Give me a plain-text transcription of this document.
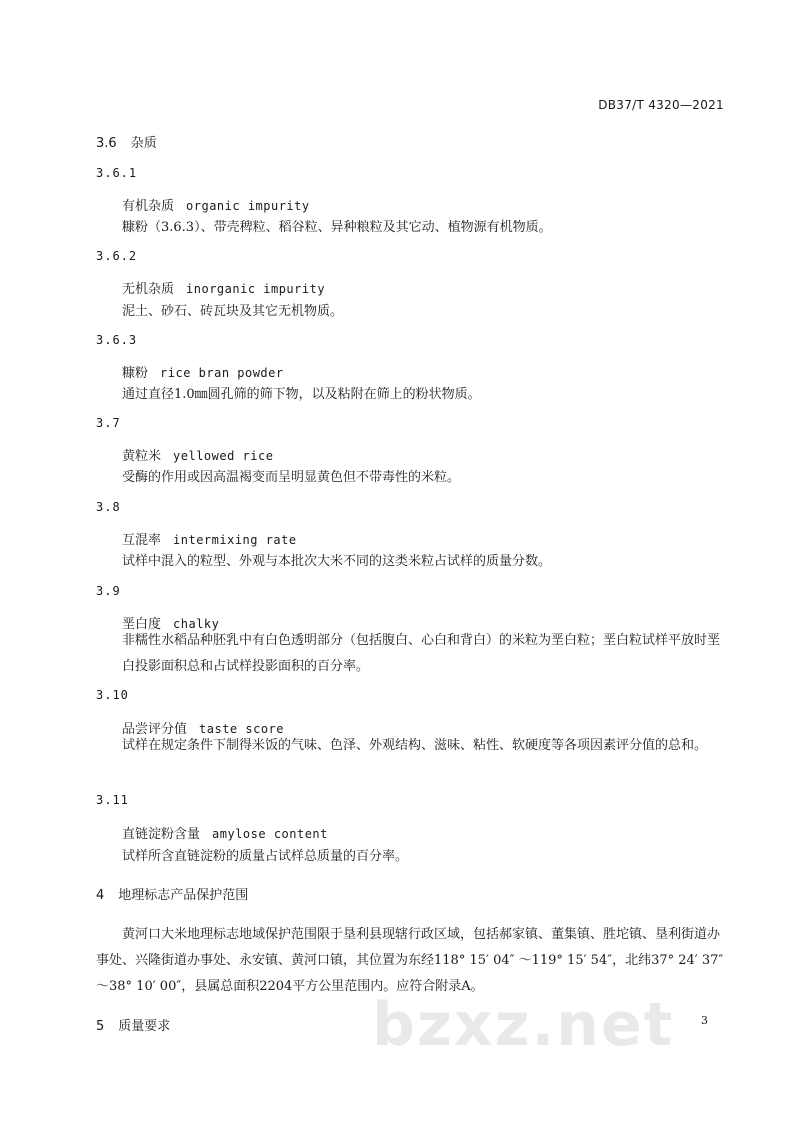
DB37/T 4320—2021
3.6 杂质
3.6.1
有机杂质 organic impurity
糠粉（3.6.3）、带壳稗粒、稻谷粒、异种粮粒及其它动、植物源有机物质。
3.6.2
无机杂质 inorganic impurity
泥土、砂石、砖瓦块及其它无机物质。
3.6.3
糠粉 rice bran powder
通过直径1.0㎜圆孔筛的筛下物，以及粘附在筛上的粉状物质。
3.7
黄粒米 yellowed rice
受酶的作用或因高温褐变而呈明显黄色但不带毒性的米粒。
3.8
互混率 intermixing rate
试样中混入的粒型、外观与本批次大米不同的这类米粒占试样的质量分数。
3.9
垩白度 chalky
非糯性水稻品种胚乳中有白色透明部分（包括腹白、心白和背白）的米粒为垩白粒；垩白粒试样平放时垩白投影面积总和占试样投影面积的百分率。
3.10
品尝评分值 taste score
试样在规定条件下制得米饭的气味、色泽、外观结构、滋味、粘性、软硬度等各项因素评分值的总和。
3.11
直链淀粉含量 amylose content
试样所含直链淀粉的质量占试样总质量的百分率。
4 地理标志产品保护范围
黄河口大米地理标志地域保护范围限于垦利县现辖行政区域，包括郝家镇、董集镇、胜坨镇、垦利街道办事处、兴隆街道办事处、永安镇、黄河口镇，其位置为东经118° 15′ 04″ ～119° 15′ 54″，北纬37° 24′ 37″ ～38° 10′ 00″，县属总面积2204平方公里范围内。应符合附录A。
5 质量要求	bzxz.net 3
